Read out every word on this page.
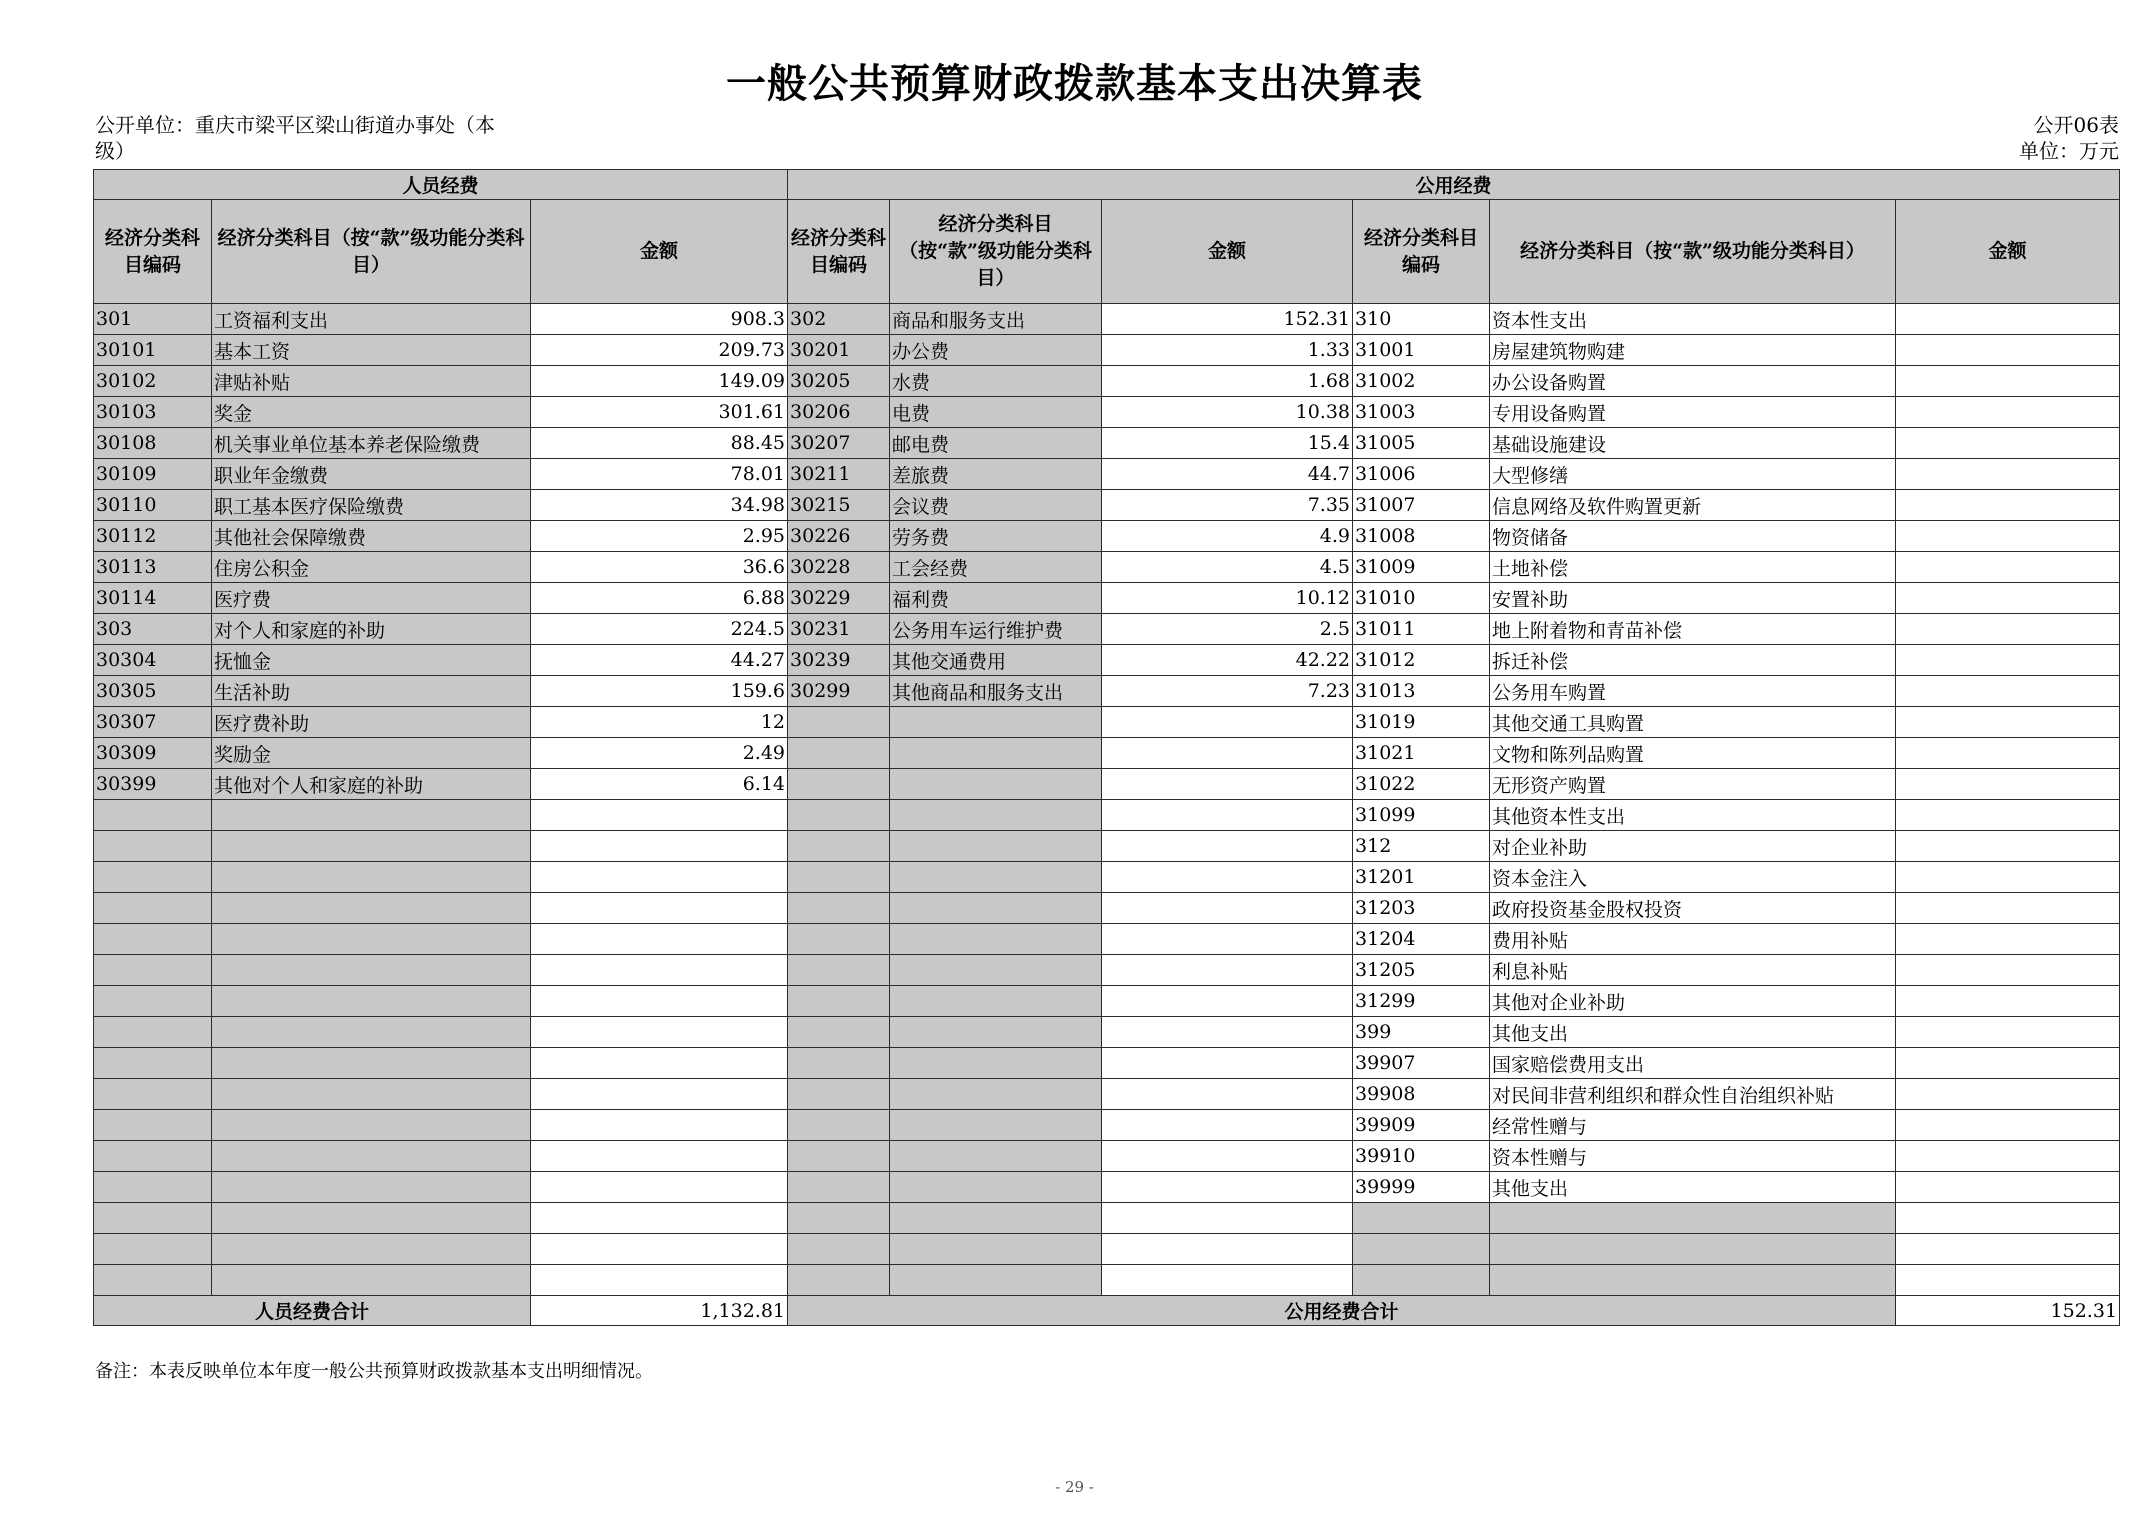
一般公共预算财政拨款基本支出决算表
公开单位：重庆市梁平区梁山街道办事处（本
级）
公开06表
单位：万元
人员经费			公用经费					
经济分类科目编码	经济分类科目（按“款”级功能分类科目）	金额	经济分类科目编码	经济分类科目（按“款”级功能分类科目）	金额	经济分类科目编码	经济分类科目（按“款”级功能分类科目）	金额
301	工资福利支出	908.3	302	商品和服务支出	152.31	310	资本性支出	
30101	基本工资	209.73	30201	办公费	1.33	31001	房屋建筑物购建	
30102	津贴补贴	149.09	30205	水费	1.68	31002	办公设备购置	
30103	奖金	301.61	30206	电费	10.38	31003	专用设备购置	
30108	机关事业单位基本养老保险缴费	88.45	30207	邮电费	15.4	31005	基础设施建设	
30109	职业年金缴费	78.01	30211	差旅费	44.7	31006	大型修缮	
30110	职工基本医疗保险缴费	34.98	30215	会议费	7.35	31007	信息网络及软件购置更新	
30112	其他社会保障缴费	2.95	30226	劳务费	4.9	31008	物资储备	
30113	住房公积金	36.6	30228	工会经费	4.5	31009	土地补偿	
30114	医疗费	6.88	30229	福利费	10.12	31010	安置补助	
303	对个人和家庭的补助	224.5	30231	公务用车运行维护费	2.5	31011	地上附着物和青苗补偿	
30304	抚恤金	44.27	30239	其他交通费用	42.22	31012	拆迁补偿	
30305	生活补助	159.6	30299	其他商品和服务支出	7.23	31013	公务用车购置	
30307	医疗费补助	12				31019	其他交通工具购置	
30309	奖励金	2.49				31021	文物和陈列品购置	
30399	其他对个人和家庭的补助	6.14				31022	无形资产购置	
						31099	其他资本性支出	
						312	对企业补助	
						31201	资本金注入	
						31203	政府投资基金股权投资	
						31204	费用补贴	
						31205	利息补贴	
						31299	其他对企业补助	
						399	其他支出	
						39907	国家赔偿费用支出	
						39908	对民间非营利组织和群众性自治组织补贴	
						39909	经常性赠与	
						39910	资本性赠与	
						39999	其他支出	

人员经费合计		1,132.81	公用经费合计					152.31
备注：本表反映单位本年度一般公共预算财政拨款基本支出明细情况。
- 29 -
